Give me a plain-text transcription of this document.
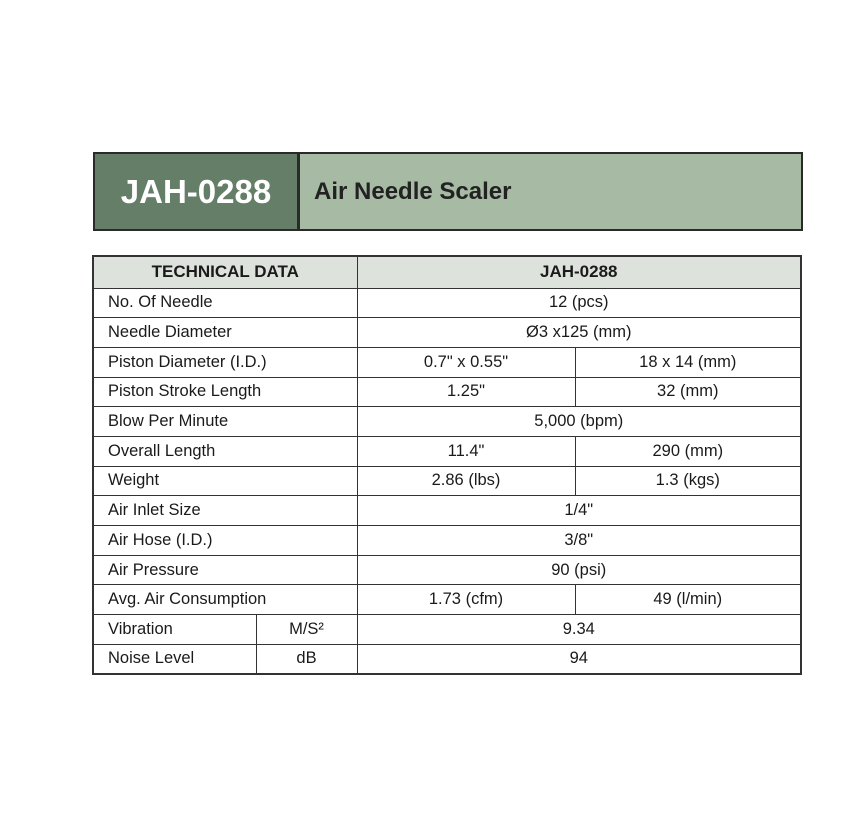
JAH-0288	Air Needle Scaler
TECHNICAL DATA		JAH-0288	
No. Of Needle		12 (pcs)	
Needle Diameter		Ø3 x125 (mm)	
Piston Diameter (I.D.)		0.7" x 0.55"	18 x 14 (mm)
Piston Stroke Length		1.25"	32 (mm)
Blow Per Minute		5,000 (bpm)	
Overall Length		11.4"	290 (mm)
Weight		2.86 (lbs)	1.3 (kgs)
Air Inlet Size		1/4"	
Air Hose (I.D.)		3/8"	
Air Pressure		90 (psi)	
Avg. Air Consumption		1.73 (cfm)	49 (l/min)
Vibration	M/S²	9.34	
Noise Level	dB	94	
